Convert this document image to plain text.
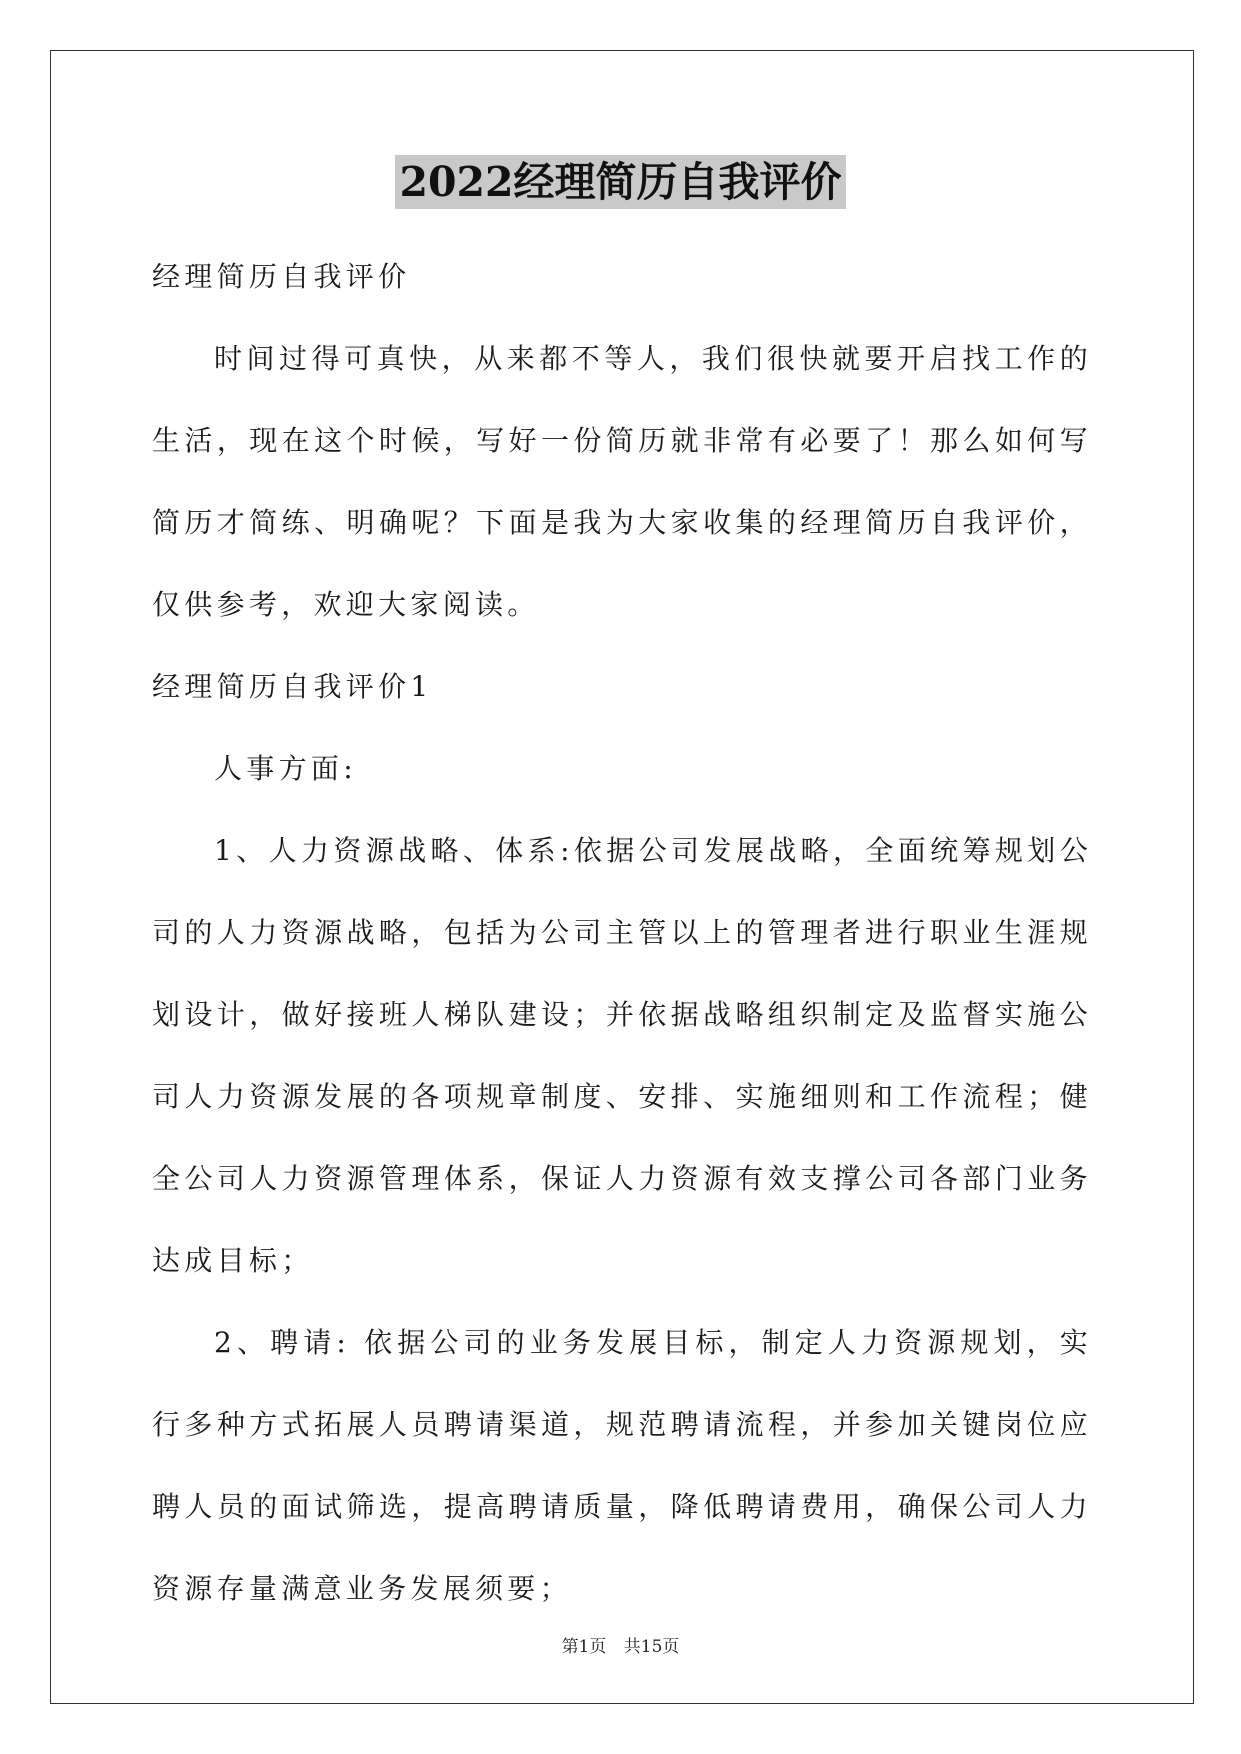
2022经理简历自我评价

经理简历自我评价

时间过得可真快，从来都不等人，我们很快就要开启找工作的生活，现在这个时候，写好一份简历就非常有必要了！那么如何写简历才简练、明确呢？下面是我为大家收集的经理简历自我评价，仅供参考，欢迎大家阅读。

经理简历自我评价1

人事方面:

1、人力资源战略、体系:依据公司发展战略，全面统筹规划公司的人力资源战略，包括为公司主管以上的管理者进行职业生涯规划设计，做好接班人梯队建设；并依据战略组织制定及监督实施公司人力资源发展的各项规章制度、安排、实施细则和工作流程；健全公司人力资源管理体系，保证人力资源有效支撑公司各部门业务达成目标；

2、聘请: 依据公司的业务发展目标，制定人力资源规划，实行多种方式拓展人员聘请渠道，规范聘请流程，并参加关键岗位应聘人员的面试筛选，提高聘请质量，降低聘请费用，确保公司人力资源存量满意业务发展须要；

第1页 共15页
